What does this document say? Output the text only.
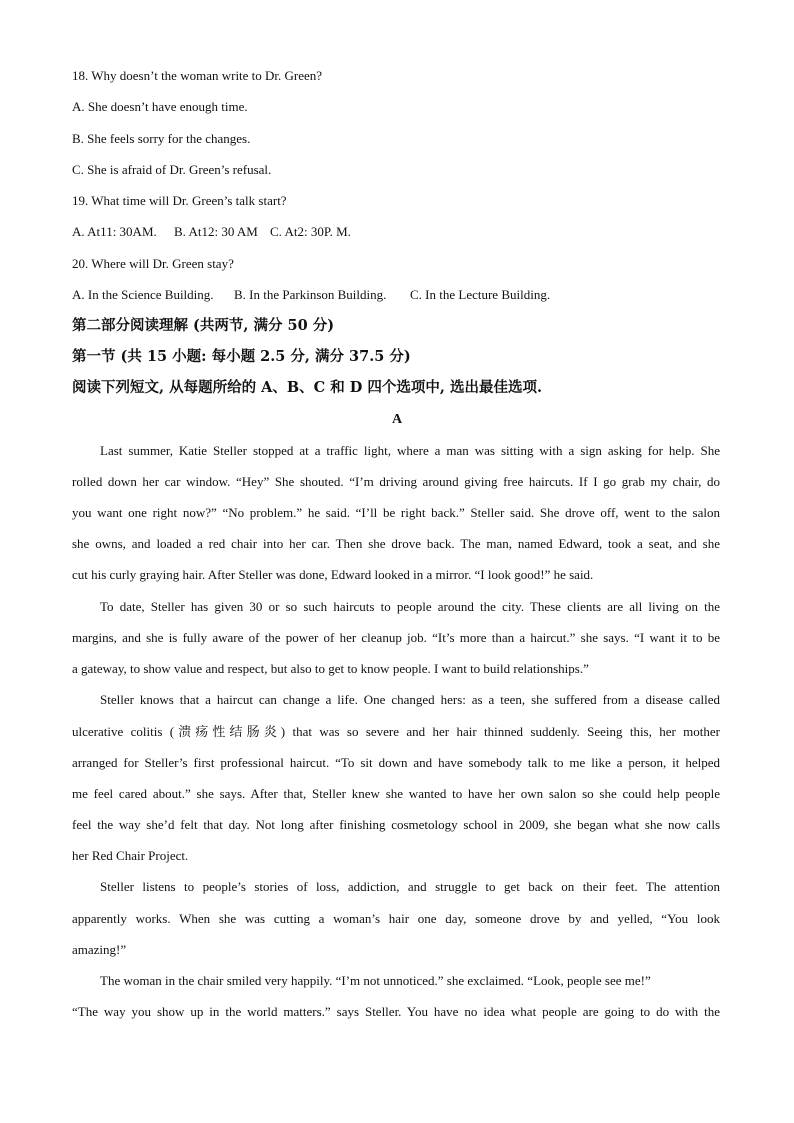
18. Why doesn’t the woman write to Dr. Green?
A. She doesn’t have enough time.
B. She feels sorry for the changes.
C. She is afraid of Dr. Green’s refusal.
19. What time will Dr. Green’s talk start?
A. At11: 30AM. B. At12: 30 AM C. At2: 30P. M.
20. Where will Dr. Green stay?
A. In the Science Building. B. In the Parkinson Building. C. In the Lecture Building.
第二部分阅读理解 (共两节, 满分 50 分)
第一节 (共 15 小题: 每小题 2.5 分, 满分 37.5 分)
阅读下列短文, 从每题所给的 A、B、C 和 D 四个选项中, 选出最佳选项.
A
Last summer, Katie Steller stopped at a traffic light, where a man was sitting with a sign asking for help. She
rolled down her car window. “Hey” She shouted. “I’m driving around giving free haircuts. If I go grab my chair, do
you want one right now?” “No problem.” he said. “I’ll be right back.” Steller said. She drove off, went to the salon
she owns, and loaded a red chair into her car. Then she drove back. The man, named Edward, took a seat, and she
cut his curly graying hair. After Steller was done, Edward looked in a mirror. “I look good!” he said.
To date, Steller has given 30 or so such haircuts to people around the city. These clients are all living on the
margins, and she is fully aware of the power of her cleanup job. “It’s more than a haircut.” she says. “I want it to be
a gateway, to show value and respect, but also to get to know people. I want to build relationships.”
Steller knows that a haircut can change a life. One changed hers: as a teen, she suffered from a disease called
ulcerative colitis (溃疡性结肠炎) that was so severe and her hair thinned suddenly. Seeing this, her mother
arranged for Steller’s first professional haircut. “To sit down and have somebody talk to me like a person, it helped
me feel cared about.” she says. After that, Steller knew she wanted to have her own salon so she could help people
feel the way she’d felt that day. Not long after finishing cosmetology school in 2009, she began what she now calls
her Red Chair Project.
Steller listens to people’s stories of loss, addiction, and struggle to get back on their feet. The attention
apparently works. When she was cutting a woman’s hair one day, someone drove by and yelled, “You look
amazing!”
The woman in the chair smiled very happily. “I’m not unnoticed.” she exclaimed. “Look, people see me!”
“The way you show up in the world matters.” says Steller. You have no idea what people are going to do with the
